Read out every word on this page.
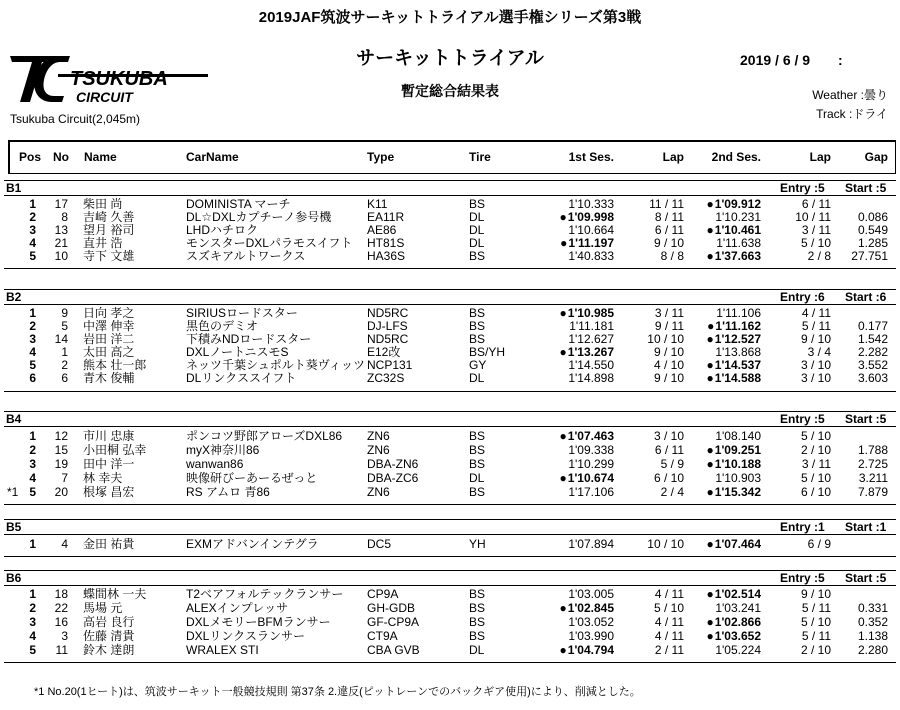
2019JAF筑波サーキットトライアル選手権シリーズ第3戦
サーキットトライアル
暫定総合結果表
2019 / 6 / 9　　:
Weather :曇り
Track :ドライ
TSUKUBA
CIRCUIT
Tsukuba Circuit(2,045m)
Pos No Name	CarName	Type	Tire	1st Ses.	Lap 2nd Ses.	Lap	Gap
B1	Entry :5 Start :5
1	17 柴田 尚	DOMINISTA マーチ	K11	BS	1'10.333	11 / 11	● 1'09.912	6 / 11
2	8 吉崎 久善	DL☆DXLカプチーノ参号機	EA11R	DL	● 1'09.998	8 / 11	1'10.231	10 / 11 0.086
3	13 望月 裕司	LHDハチロク	AE86	DL	1'10.664	6 / 11	● 1'10.461	3 / 11 0.549
4	21 直井 浩	モンスターDXLパラモスイフト HT81S	DL	● 1'11.197	9 / 10	1'11.638	5 / 10 1.285
5	10 寺下 文雄	スズキアルトワークス	HA36S	BS	1'40.833	8 / 8	● 1'37.663	2 / 8 27.751
B2	Entry :6 Start :6
1	9 日向 孝之	SIRIUSロードスター	ND5RC	BS	● 1'10.985	3 / 11	1'11.106	4 / 11
2	5 中澤 伸幸	黒色のデミオ	DJ-LFS	BS	1'11.181	9 / 11	● 1'11.162	5 / 11 0.177
3	14 岩田 洋二	下積みNDロードスター	ND5RC	BS	1'12.627	10 / 10	● 1'12.527	9 / 10 1.542
4	1 太田 高之	DXLノートニスモS	E12改	BS/YH	● 1'13.267	9 / 10	1'13.868	3 / 4 2.282
5	2 熊本 壮一郎	ネッツ千葉シュポルト葵ヴィッツ NCP131	GY	1'14.550	4 / 10	● 1'14.537	3 / 10 3.552
6	6 青木 俊輔	DLリンクススイフト	ZC32S	DL	1'14.898	9 / 10	● 1'14.588	3 / 10 3.603
B4	Entry :5 Start :5
1	12 市川 忠康	ポンコツ野郎アローズDXL86 ZN6	BS	● 1'07.463	3 / 10	1'08.140	5 / 10
2	15 小田桐 弘幸	myX神奈川86	ZN6	BS	1'09.338	6 / 11	● 1'09.251	2 / 10 1.788
3	19 田中 洋一	wanwan86	DBA-ZN6	BS	1'10.299	5 / 9	● 1'10.188	3 / 11 2.725
4	7 林 幸夫	映像研びーあーるぜっと	DBA-ZC6	DL	● 1'10.674	6 / 10	1'10.903	5 / 10 3.211
*1 5	20 根塚 昌宏	RS アムロ 青86	ZN6	BS	1'17.106	2 / 4	● 1'15.342	6 / 10 7.879
B5	Entry :1 Start :1
1	4 金田 祐貴	EXMアドバンインテグラ	DC5	YH	1'07.894	10 / 10	● 1'07.464	6 / 9
B6	Entry :5 Start :5
1	18 蝶間林 一夫	T2ベアフォルテックランサー CP9A	BS	1'03.005	4 / 11	● 1'02.514	9 / 10
2	22 馬場 元	ALEXインプレッサ	GH-GDB	BS	● 1'02.845	5 / 10	1'03.241	5 / 11 0.331
3	16 高岩 良行	DXLメモリーBFMランサー	GF-CP9A	BS	1'03.052	4 / 11	● 1'02.866	5 / 10 0.352
4	3 佐藤 清貴	DXLリンクスランサー	CT9A	BS	1'03.990	4 / 11	● 1'03.652	5 / 11 1.138
5	11 鈴木 達朗	WRALEX STI	CBA GVB	DL	● 1'04.794	2 / 11	1'05.224	2 / 10 2.280
*1 No.20(1ヒート)は、筑波サーキット一般競技規則 第37条 2.違反(ピットレーンでのバックギア使用)により、削減とした。
